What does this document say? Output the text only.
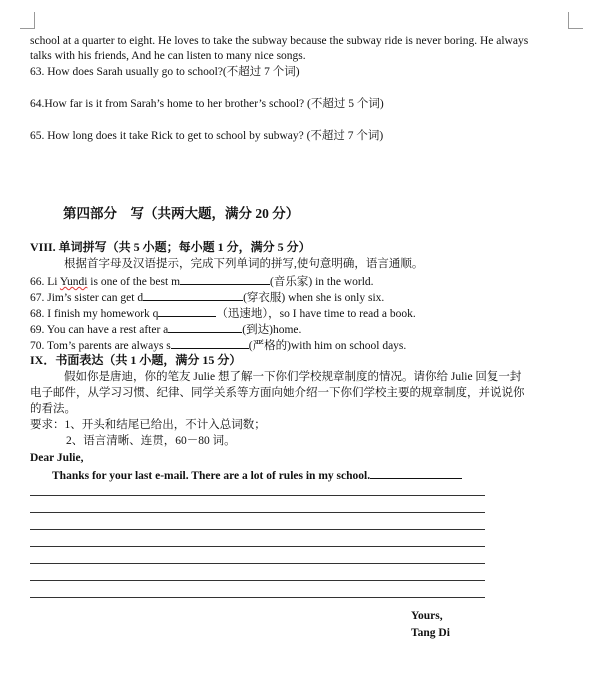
school at a quarter to eight. He loves to take the subway because the subway ride is never boring. He always
talks with his friends, And he can listen to many nice songs.
63. How does Sarah usually go to school?(不超过 7 个词)
64.How far is it from Sarah’s home to her brother’s school? (不超过 5 个词)
65. How long does it take Rick to get to school by subway? (不超过 7 个词)
第四部分　写（共两大题，满分 20 分）
VIII. 单词拼写（共 5 小题；每小题 1 分，满分 5 分）
根据首字母及汉语提示，完成下列单词的拼写,使句意明确，语言通顺。
66. Li Yundi is one of the best m	(音乐家) in the world.
67. Jim’s sister can get d	(穿衣服) when she is only six.
68. I finish my homework q	（迅速地），so I have time to read a book.
69. You can have a rest after a	(到达)home.
70. Tom’s parents are always s	(严格的)with him on school days.
IX．书面表达（共 1 小题，满分 15 分）
假如你是唐迪，你的笔友 Julie 想了解一下你们学校规章制度的情况。请你给 Julie 回复一封
电子邮件，从学习习惯、纪律、同学关系等方面向她介绍一下你们学校主要的规章制度，并说说你
的看法。
要求：1、开头和结尾已给出，不计入总词数；
2、语言清晰、连贯，60－80 词。
Dear Julie,
Thanks for your last e-mail. There are a lot of rules in my school.
Yours,
Tang Di
